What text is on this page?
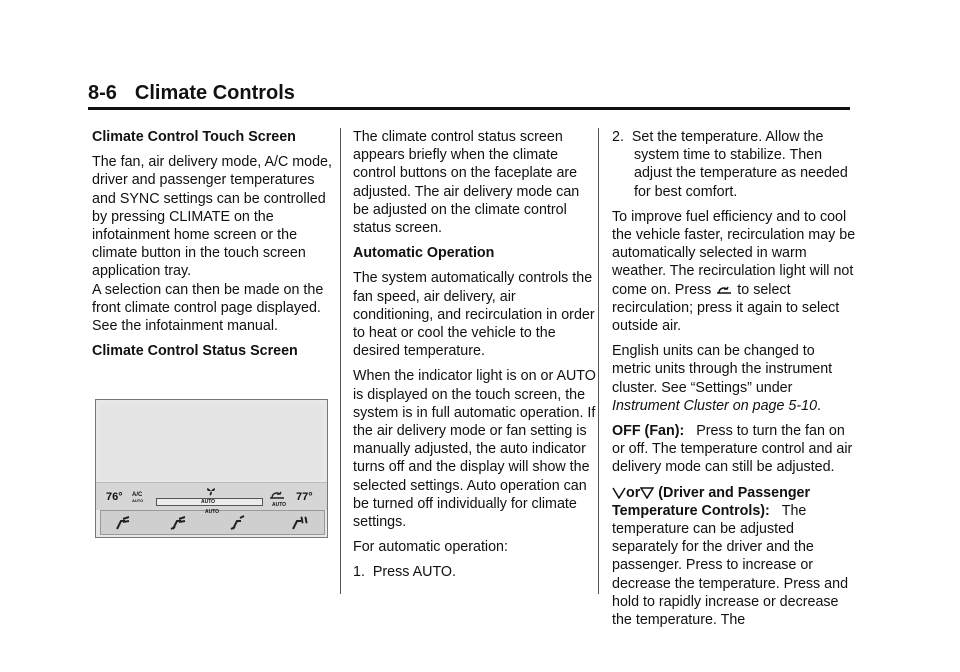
8-6 Climate Controls

Climate Control Touch Screen

The fan, air delivery mode, A/C mode, driver and passenger temperatures and SYNC settings can be controlled by pressing CLIMATE on the infotainment home screen or the climate button in the touch screen application tray.

A selection can then be made on the front climate control page displayed. See the infotainment manual.

Climate Control Status Screen

76° A/C
AUTO	AUTO	AUTO
77°
AUTO

The climate control status screen appears briefly when the climate control buttons on the faceplate are adjusted. The air delivery mode can be adjusted on the climate control status screen.

Automatic Operation

The system automatically controls the fan speed, air delivery, air conditioning, and recirculation in order to heat or cool the vehicle to the desired temperature.

When the indicator light is on or AUTO is displayed on the touch screen, the system is in full automatic operation. If the air delivery mode or fan setting is manually adjusted, the auto indicator turns off and the display will show the selected settings. Auto operation can be turned off individually for climate settings.

For automatic operation:

1.  Press AUTO.

2.  Set the temperature. Allow the system time to stabilize. Then adjust the temperature as needed for best comfort.

To improve fuel efficiency and to cool the vehicle faster, recirculation may be automatically selected in warm weather. The recirculation light will not come on. Press to select recirculation; press it again to select outside air.

English units can be changed to metric units through the instrument cluster. See “Settings” under Instrument Cluster on page 5-10.

OFF (Fan): Press to turn the fan on or off. The temperature control and air delivery mode can still be adjusted.

or (Driver and Passenger Temperature Controls): The temperature can be adjusted separately for the driver and the passenger. Press to increase or decrease the temperature. Press and hold to rapidly increase or decrease the temperature. The
